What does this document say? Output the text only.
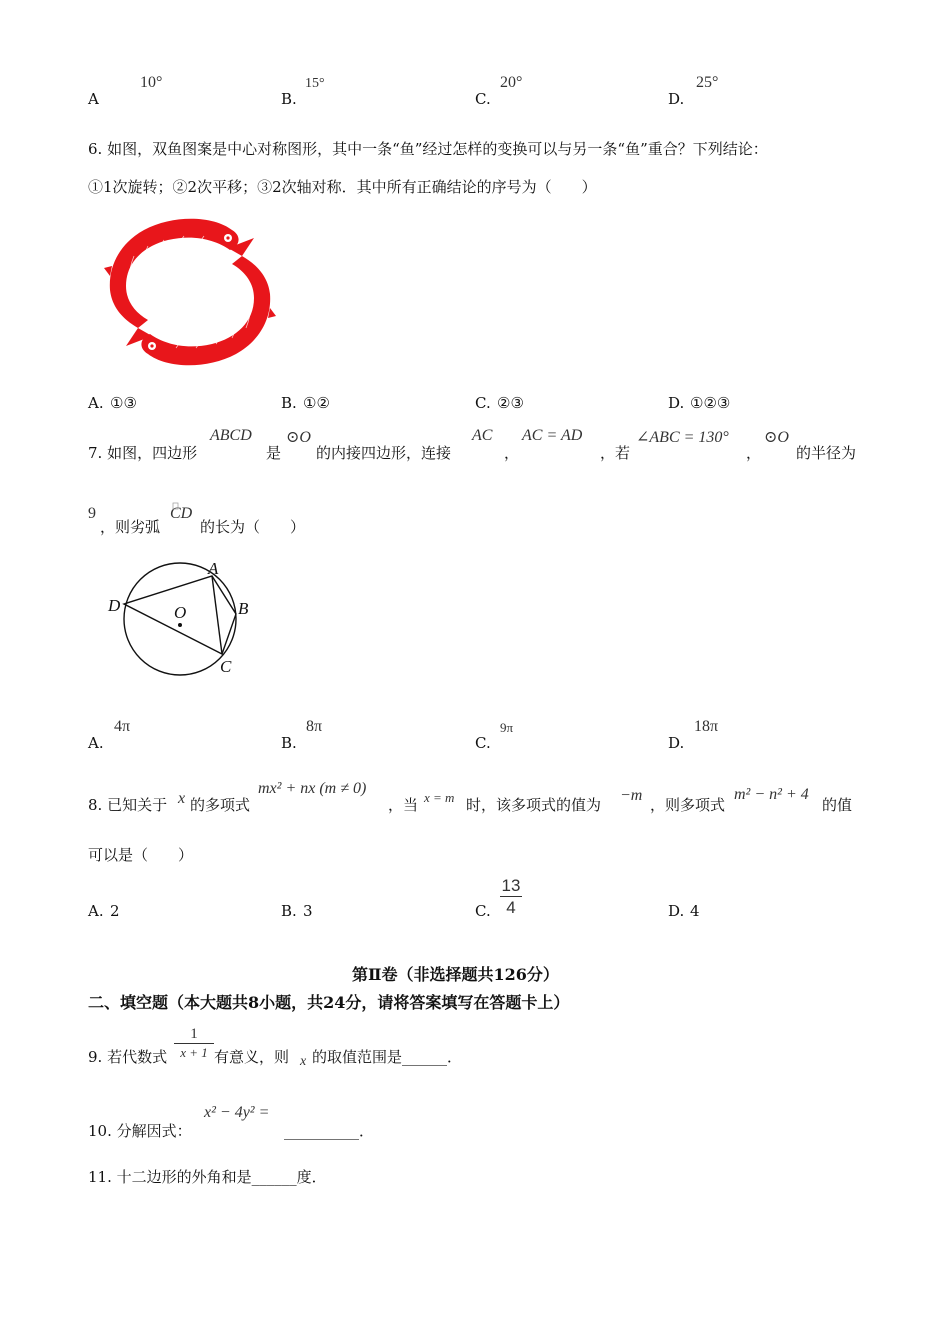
A
10°
B.
15°
C.
20°
D.
25°
6. 如图，双鱼图案是中心对称图形，其中一条“鱼”经过怎样的变换可以与另一条“鱼”重合？下列结论：
①1次旋转；②2次平移；③2次轴对称．其中所有正确结论的序号为（　　）
A. ①③	B. ①②	C. ②③	D. ①②③
7. 如图，四边形
ABCD
是
⊙O
的内接四边形，连接
AC
，
AC = AD
，若
∠ABC = 130°
，
⊙O
的半径为
9
，则劣弧
CD
的长为（　　）
O
A
B
C
D
A.
4π
B.
8π
C.
9π
D.
18π
8. 已知关于 x 的多项式
mx² + nx (m ≠ 0)
，当 x = m 时，该多项式的值为
−m
，则多项式
m² − n² + 4
的值
可以是（　　）
A. 2	B. 3	C.
13
4	D. 4
第Ⅱ卷（非选择题共126分）
二、填空题（本大题共8小题，共24分，请将答案填写在答题卡上）
9. 若代数式
1
x + 1 有意义，则 x 的取值范围是______．
10. 分解因式：
x² − 4y² =
__________．
11. 十二边形的外角和是______度．
